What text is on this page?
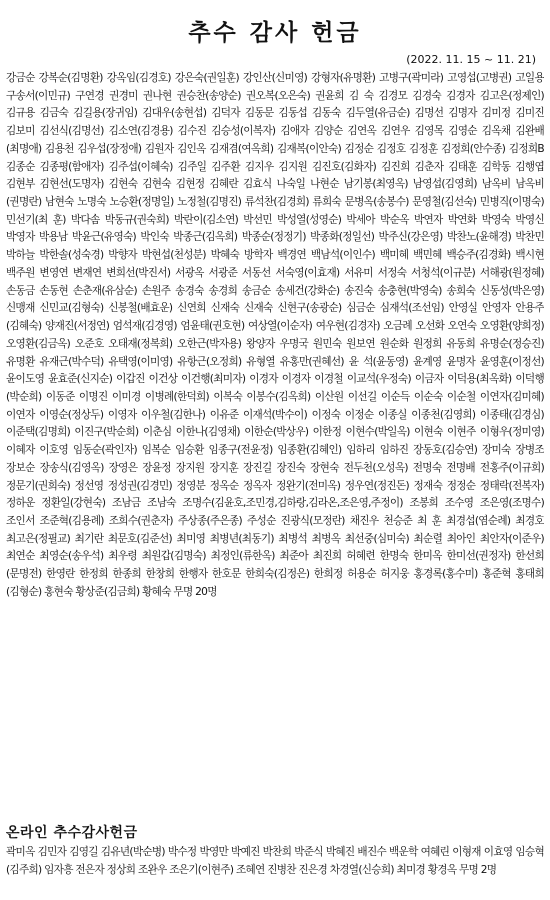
추수 감사 헌금
(2022. 11. 15 ~ 11. 21)
강금순 강복순(김명환) 강옥임(김경호) 강은숙(권일훈) 강인산(신미영) 강형자(유명환) 고병구(곽미라) 고영섭(고병권) 고일용 구송서(이민규) 구연경 권경미 권나현 권승찬(송양순) 권오복(오은숙) 권윤희 김 숙 김경모 김경숙 김경자 김고은(정제인) 김규용 김금숙 김길용(장귀임) 김대우(송현섭) 김덕자 김동문 김동섭 김동숙 김두열(유금순) 김명선 김명자 김미정 김미진 김보미 김선식(김명선) 김소연(김경용) 김수진 김승성(이복자) 김애자 김양순 김연옥 김연우 김영목 김영순 김옥채 김완배(최명애) 김용천 김우섭(장정애) 김원자 김인옥 김재겸(여옥희) 김재복(이안숙) 김정순 김정호 김정훈 김정희(안수종) 김정희B 김종순 김종평(함애자) 김주섭(이혜숙) 김주일 김주환 김지우 김지원 김진호(김화자) 김진희 김춘자 김태훈 김학동 김행엽 김현부 김현선(도명자) 김현숙 김현숙 김현정 김혜란 김효식 나숙일 나현순 남기봉(최영옥) 남영섭(김영희) 남옥비 남옥비(권명란) 남현숙 노명숙 노승환(정명일) 노정철(김명진) 류석찬(김경희) 류희숙 문병옥(송봉수) 문영철(김선숙) 민병직(이명숙) 민선기(최 훈) 박다솜 박동규(권숙희) 박란이(김소연) 박선민 박성열(성영순) 박세아 박순옥 박연자 박연화 박영숙 박영신 박영자 박용남 박윤근(유영숙) 박인숙 박종근(김옥희) 박종순(정정기) 박종화(정일선) 박주신(강은영) 박찬노(윤해경) 박찬민 박하늘 박한솔(성숙경) 박향자 박현섭(천성분) 박혜숙 방학자 백경연 백남석(이인수) 백미혜 백민혜 백승주(김경화) 백시현 백주원 변영연 변재연 변희선(박진서) 서광옥 서광준 서동선 서숙영(이효재) 서유미 서정숙 서청석(이규분) 서해광(원정혜) 손동금 손동현 손춘재(유삼순) 손원주 송경숙 송경희 송금순 송세건(강화순) 송진숙 송충현(박영숙) 송희숙 신동성(박은영) 신맹재 신민교(김형숙) 신봉철(배효운) 신연희 신재숙 신재숙 신현구(송광순) 심금순 심재석(조선임) 안영실 안영자 안용주(김혜숙) 양재진(서정연) 엄석재(김경영) 엄윤태(권호현) 여상열(이순자) 여우현(김경자) 오금례 오선화 오연숙 오영환(양희정) 오영환(김금옥) 오준호 오태재(정복희) 오한근(박자용) 왕양자 우명국 원민숙 원보연 원순화 원정희 유동희 유명순(정승진) 유명환 유재근(박수덕) 유택영(이미영) 유항근(오정희) 유형열 유홍만(권혜선) 윤 석(윤동영) 윤계영 윤명자 윤영훈(이정선) 윤이도영 윤효준(신지순) 이갑진 이건상 이건행(최미자) 이경자 이경자 이경철 이교석(우정숙) 이금자 이덕용(최옥화) 이덕행(박순희) 이동준 이명진 이미경 이병례(한덕희) 이복숙 이봉수(김옥희) 이산원 이선길 이순득 이순숙 이순철 이연자(김미혜) 이연자 이영순(정상두) 이영자 이우철(김한나) 이유준 이재석(박수이) 이정숙 이정순 이종실 이종천(김영희) 이종태(김경심) 이준택(김명희) 이진구(박순희) 이춘심 이한나(김영채) 이한순(박상우) 이한정 이현수(박일옥) 이현숙 이현주 이형우(정미영) 이혜자 이호영 임동순(곽인자) 임복순 임승환 임종구(전윤정) 임종환(김혜인) 임하리 임하진 장동호(김승연) 장미숙 장병조 장보순 장송식(김영옥) 장영은 장윤정 장지원 장지훈 장진길 장진숙 장현숙 전두천(오성옥) 전명숙 전명배 전홍주(이규희) 정문기(권희숙) 정선영 정성권(김경민) 정영분 정옥순 정옥자 정완기(전미옥) 정우연(정진돈) 정재숙 정정순 정태락(전복자) 정하운 정환일(강현숙) 조남금 조남숙 조명수(김윤호,조민경,김하랑,김라온,조은영,주정이) 조봉희 조수영 조은영(조명수) 조인서 조준혁(김용례) 조희수(권춘자) 주상종(주은종) 주성순 진광식(모정란) 채진우 천승준 최 훈 최경섭(염순례) 최경호 최고은(정필교) 최기란 최문호(김준선) 최미영 최병년(최동기) 최병석 최병옥 최선중(심미숙) 최순렬 최아인 최안자(이준우) 최연순 최영순(송우석) 최우령 최원갑(김명숙) 최정인(류한옥) 최준아 최진희 허혜련 한명숙 한미옥 한미선(권정자) 한선희(문명전) 한영란 한정희 한종희 한창희 한행자 한호문 한희숙(김정은) 한희정 허용순 허지웅 홍경록(홍수미) 홍준혁 홍태희(김형순) 홍현숙 황상준(김금희) 황혜숙 무명 20명
온라인 추수감사헌금
곽미옥 김민자 김영길 김유년(박순병) 박수정 박영만 박예진 박찬희 박준식 박혜진 배진수 백운학 여혜린 이형재 이효영 임승혁(김주희) 임자흥 전은자 정상희 조완우 조은기(이현주) 조혜연 진병찬 진은경 차경열(신승희) 최미경 황경옥 무명 2명
